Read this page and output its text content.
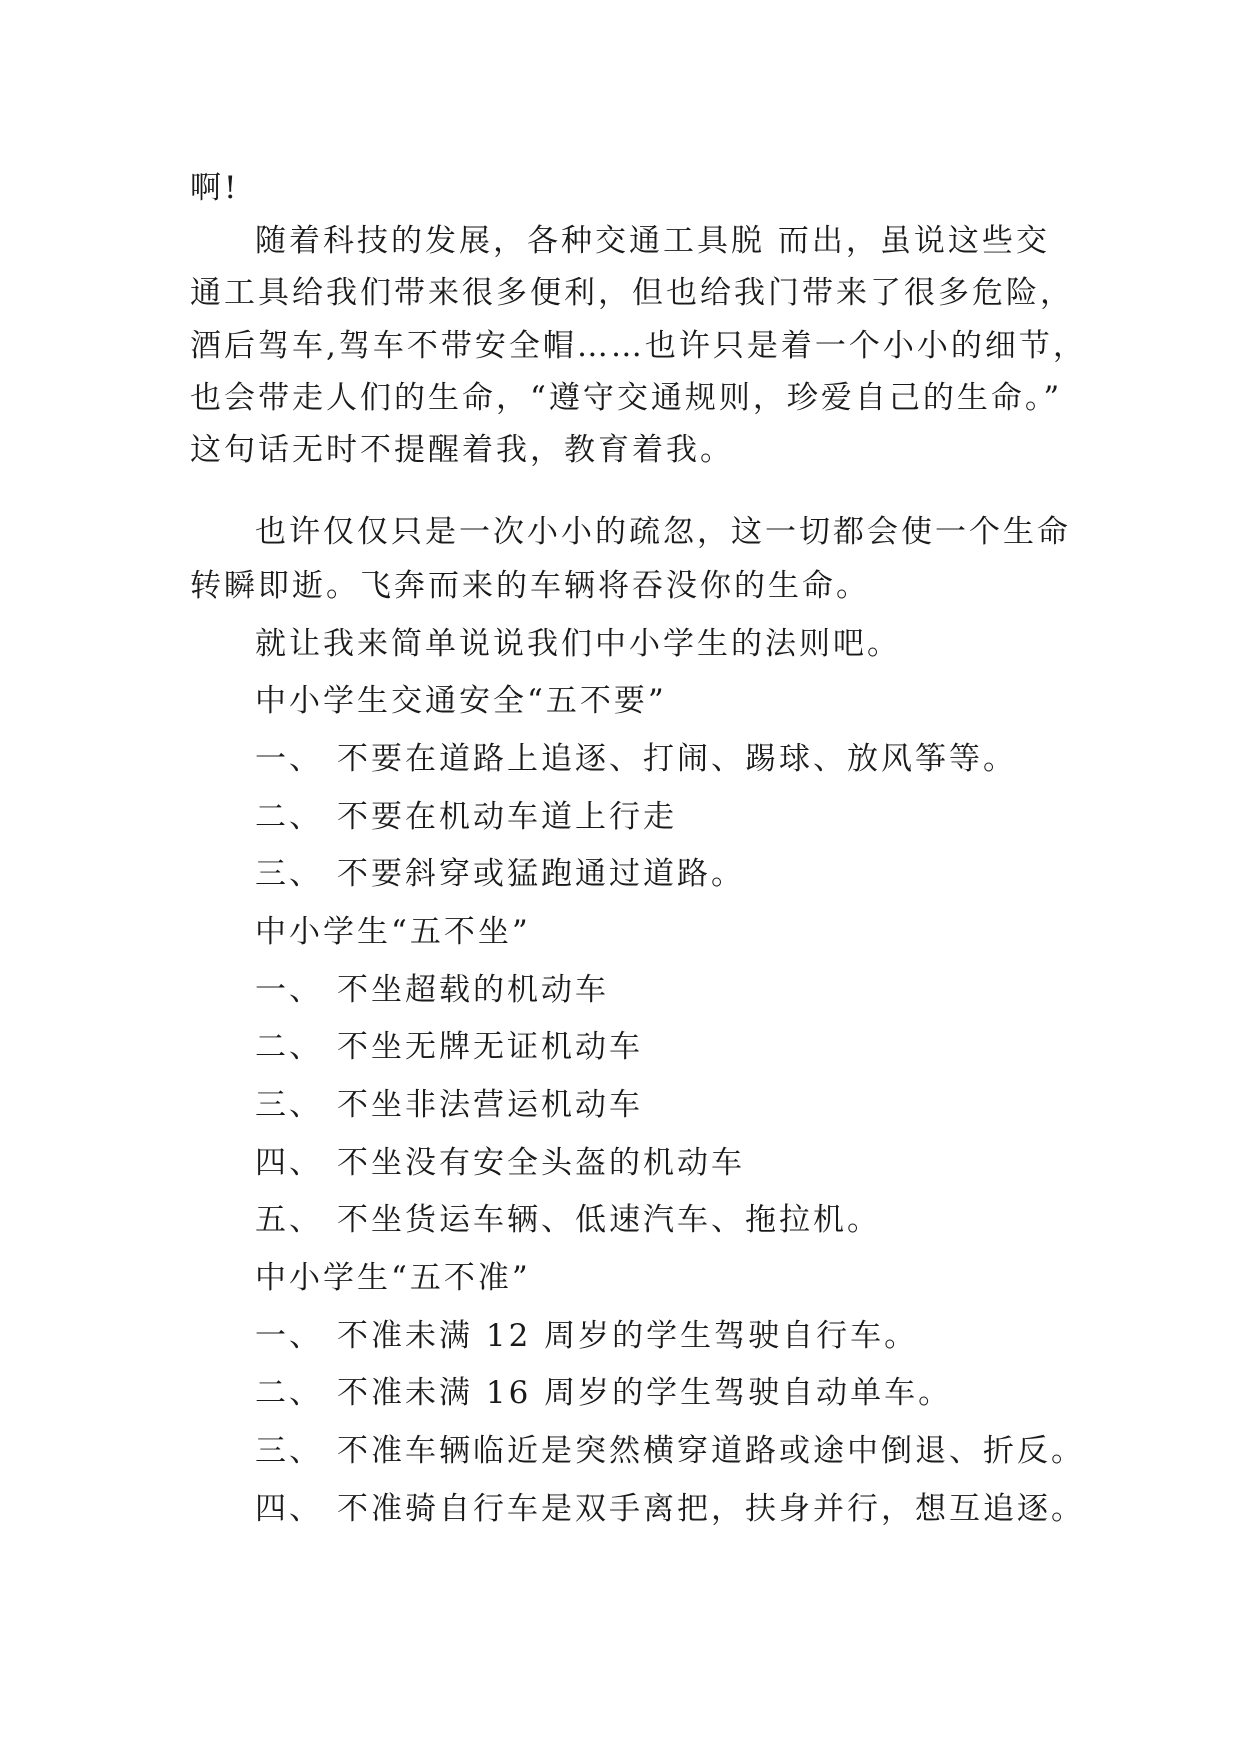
啊!
随着科技的发展，各种交通工具脱 而出，虽说这些交
通工具给我们带来很多便利，但也给我门带来了很多危险，
酒后驾车,驾车不带安全帽……也许只是着一个小小的细节，
也会带走人们的生命，“遵守交通规则，珍爱自己的生命。”
这句话无时不提醒着我，教育着我。
也许仅仅只是一次小小的疏忽，这一切都会使一个生命
转瞬即逝。飞奔而来的车辆将吞没你的生命。
就让我来简单说说我们中小学生的法则吧。
中小学生交通安全“五不要”
一、 不要在道路上追逐、打闹、踢球、放风筝等。
二、 不要在机动车道上行走
三、 不要斜穿或猛跑通过道路。
中小学生“五不坐”
一、 不坐超载的机动车
二、 不坐无牌无证机动车
三、 不坐非法营运机动车
四、 不坐没有安全头盔的机动车
五、 不坐货运车辆、低速汽车、拖拉机。
中小学生“五不准”
一、 不准未满 12 周岁的学生驾驶自行车。
二、 不准未满 16 周岁的学生驾驶自动单车。
三、 不准车辆临近是突然横穿道路或途中倒退、折反。
四、 不准骑自行车是双手离把，扶身并行，想互追逐。
